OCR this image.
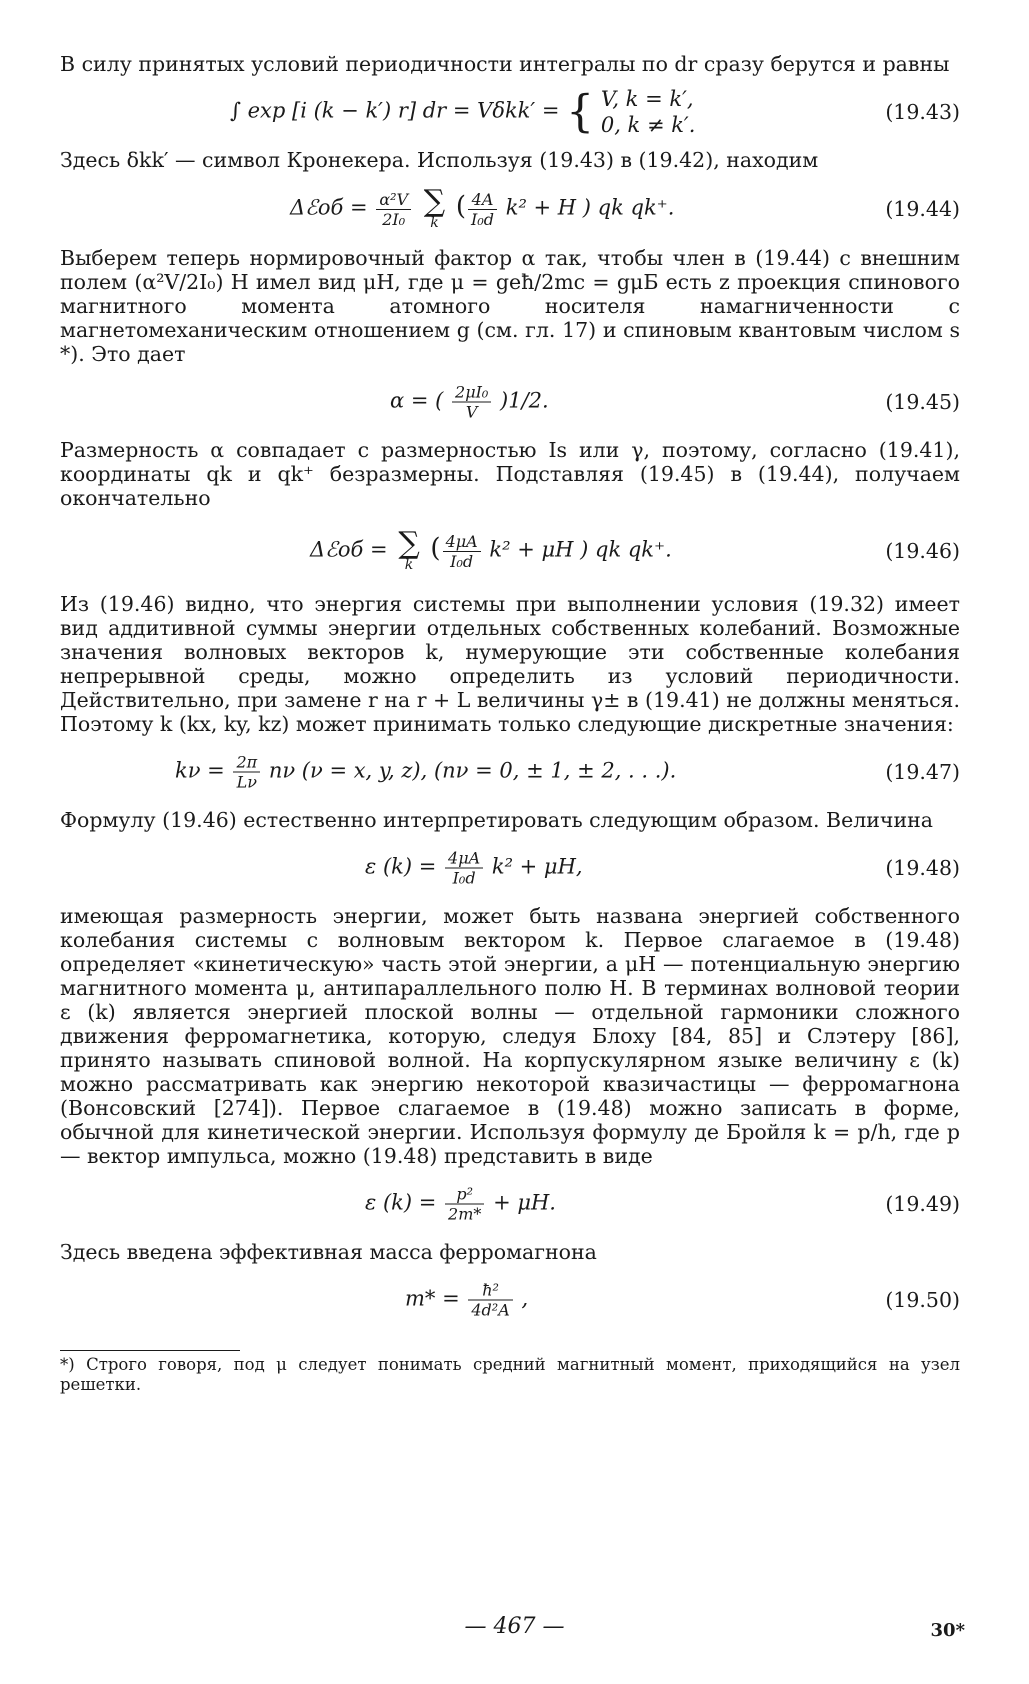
В силу принятых условий периодичности интегралы по dr сразу берутся и равны

∫ exp [i (k − k′) r] dr = Vδkk′ = { V, k = k′,
0, k ≠ k′.
(19.43)

Здесь δkk′ — символ Кронекера. Используя (19.43) в (19.42), находим

Δℰоб = $\frac{\text{α²V}}{\text{2I₀}}$
∑
k
( $\frac{4A}{\text{I₀d}} k^2 + H$ ) qk qk⁺.	(19.44)

Выберем теперь нормировочный фактор α так, чтобы член в (19.44) с внешним полем (α²V/2I₀) H имел вид μH, где μ = geħ/2mc = gμБ есть z проекция спинового магнитного момента атомного носителя намагниченности с магнетомеханическим отношением g (см. гл. 17) и спиновым квантовым числом s *). Это дает

α = ( $\frac{\text{2μI₀}}{V} )1/2$.	(19.45)

Размерность α совпадает с размерностью Is или γ, поэтому, согласно (19.41), координаты qk и qk⁺ безразмерны. Подставляя (19.45) в (19.44), получаем окончательно

Δℰоб = ∑
k
( $\frac{4\mu A}{\text{I₀d}} k^2 + \mu H$ ) qk qk⁺.	(19.46)

Из (19.46) видно, что энергия системы при выполнении условия (19.32) имеет вид аддитивной суммы энергии отдельных собственных колебаний. Возможные значения волновых векторов k, нумерующие эти собственные колебания непрерывной среды, можно определить из условий периодичности. Действительно, при замене r на r + L величины γ± в (19.41) не должны меняться. Поэтому k (kx, ky, kz) может принимать только следующие дискретные значения:

$k\nu = \frac{2\pi}{L\nu}$ nν (ν = x, y, z), (nν = 0, ± 1, ± 2, . . .).	(19.47)

Формулу (19.46) естественно интерпретировать следующим образом. Величина

ε $(k) = \frac{4\mu A}{\text{I₀d}} k^2 + \mu H$,	(19.48)

имеющая размерность энергии, может быть названа энергией собственного колебания системы с волновым вектором k. Первое слагаемое в (19.48) определяет «кинетическую» часть этой энергии, а μH — потенциальную энергию магнитного момента μ, антипараллельного полю H. В терминах волновой теории ε (k) является энергией плоской волны — отдельной гармоники сложного движения ферромагнетика, которую, следуя Блоху [84, 85] и Слэтеру [86], принято называть спиновой волной. На корпускулярном языке величину ε (k) можно рассматривать как энергию некоторой квазичастицы — ферромагнона (Вонсовский [274]). Первое слагаемое в (19.48) можно записать в форме, обычной для кинетической энергии. Используя формулу де Бройля k = p/h, где p — вектор импульса, можно (19.48) представить в виде

ε $(k) = \frac{\text{p²}}{2m*} + \mu H$.	(19.49)

Здесь введена эффективная масса ферромагнона

$m* = \frac{\text{ħ²}}{\text{4d²A}}$ ,	(19.50)

*) Строго говоря, под μ следует понимать средний магнитный момент, приходящийся на узел решетки.

— 467 —	30*
